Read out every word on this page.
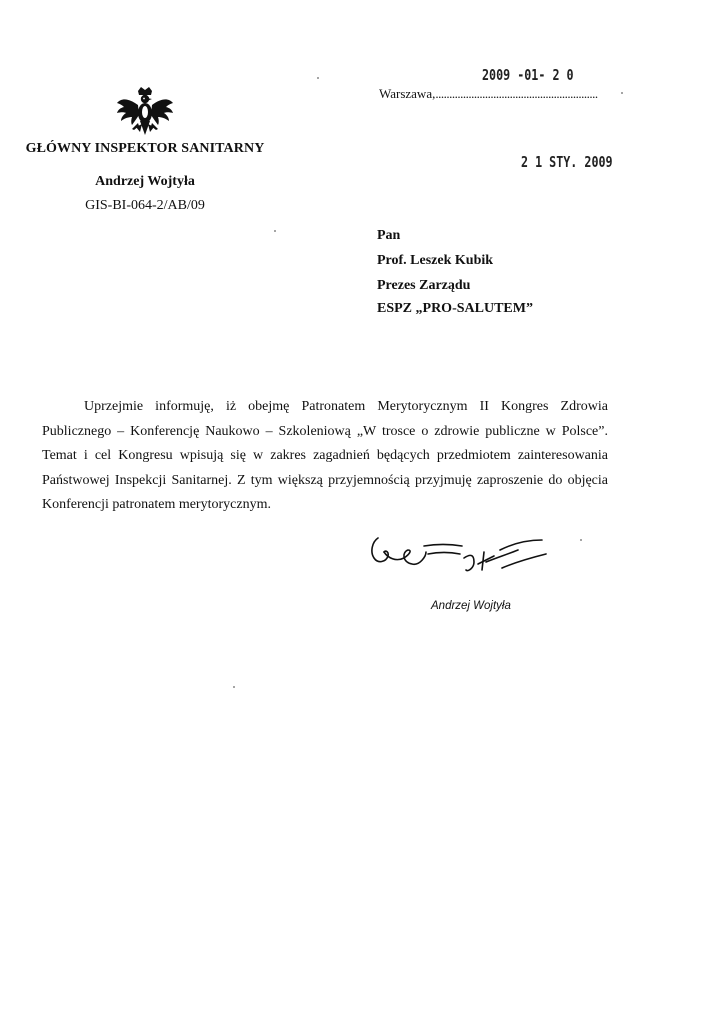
GŁÓWNY INSPEKTOR SANITARNY
Andrzej Wojtyła
GIS-BI-064-2/AB/09
2009 -01- 2 0
Warszawa,...........................................................
2 1 STY. 2009
Pan
Prof. Leszek Kubik
Prezes Zarządu
ESPZ „PRO-SALUTEM”

Uprzejmie informuję, iż obejmę Patronatem Merytorycznym II Kongres Zdrowia Publicznego – Konferencję Naukowo – Szkoleniową „W trosce o zdrowie publiczne w Polsce”. Temat i cel Kongresu wpisują się w zakres zagadnień będących przedmiotem zainteresowania Państwowej Inspekcji Sanitarnej. Z tym większą przyjemnością przyjmuję zaproszenie do objęcia Konferencji patronatem merytorycznym.

Andrzej Wojtyła
